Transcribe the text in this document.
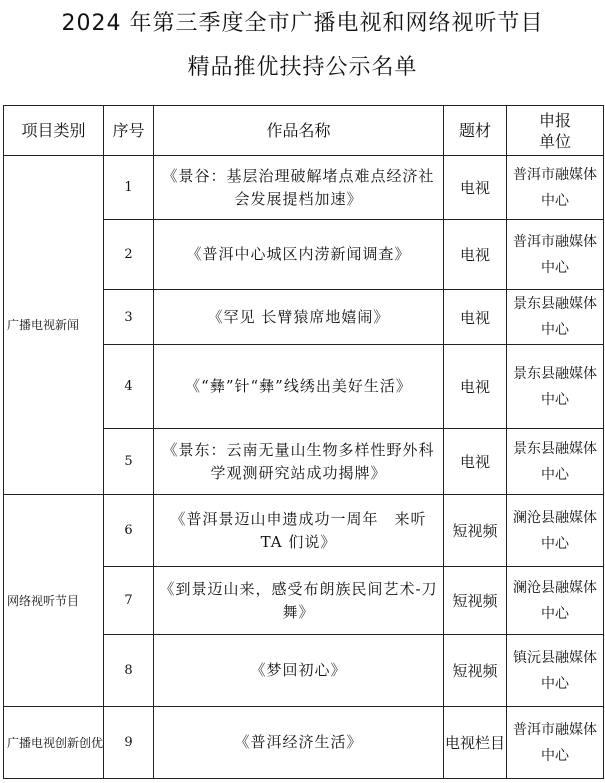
2024 年第三季度全市广播电视和网络视听节目
精品推优扶持公示名单
项目类别	序号	作品名称	题材	申报
单位
广播电视新闻	1	《景谷：基层治理破解堵点难点经济社会发展提档加速》	电视	普洱市融媒体中心
	2	《普洱中心城区内涝新闻调查》	电视	普洱市融媒体中心
	3	《罕见 长臂猿席地嬉闹》	电视	景东县融媒体中心
	4	《“彝”针“彝”线绣出美好生活》	电视	景东县融媒体中心
	5	《景东：云南无量山生物多样性野外科学观测研究站成功揭牌》	电视	景东县融媒体中心
网络视听节目	6	《普洱景迈山申遗成功一周年　来听 TA 们说》	短视频	澜沧县融媒体中心
	7	《到景迈山来，感受布朗族民间艺术-刀舞》	短视频	澜沧县融媒体中心
	8	《梦回初心》	短视频	镇沅县融媒体中心
广播电视创新创优	9	《普洱经济生活》	电视栏目	普洱市融媒体中心
